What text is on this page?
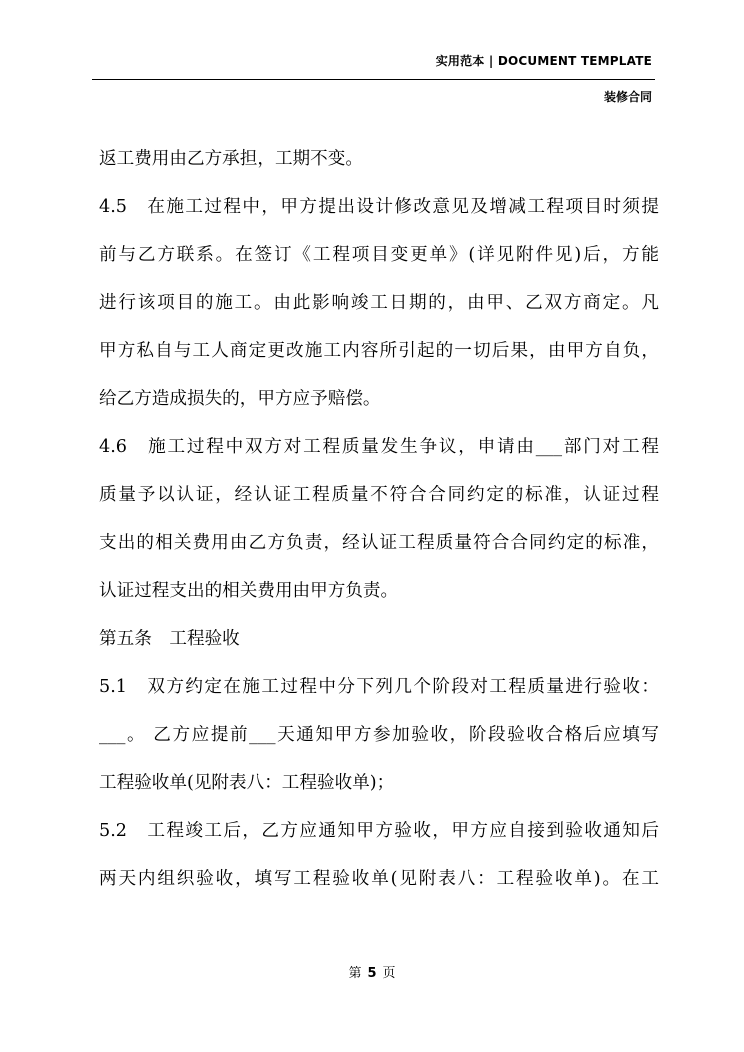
实用范本 | DOCUMENT TEMPLATE
装修合同
返工费用由乙方承担，工期不变。
4.5　在施工过程中，甲方提出设计修改意见及增减工程项目时须提
前与乙方联系。在签订《工程项目变更单》(详见附件见)后，方能
进行该项目的施工。由此影响竣工日期的，由甲、乙双方商定。凡
甲方私自与工人商定更改施工内容所引起的一切后果，由甲方自负，
给乙方造成损失的，甲方应予赔偿。
4.6　施工过程中双方对工程质量发生争议，申请由___部门对工程
质量予以认证，经认证工程质量不符合合同约定的标准，认证过程
支出的相关费用由乙方负责，经认证工程质量符合合同约定的标准，
认证过程支出的相关费用由甲方负责。
第五条　工程验收
5.1　双方约定在施工过程中分下列几个阶段对工程质量进行验收：
___。 乙方应提前___天通知甲方参加验收，阶段验收合格后应填写
工程验收单(见附表八：工程验收单)；
5.2　工程竣工后，乙方应通知甲方验收，甲方应自接到验收通知后
两天内组织验收，填写工程验收单(见附表八：工程验收单)。在工
第 5 页
